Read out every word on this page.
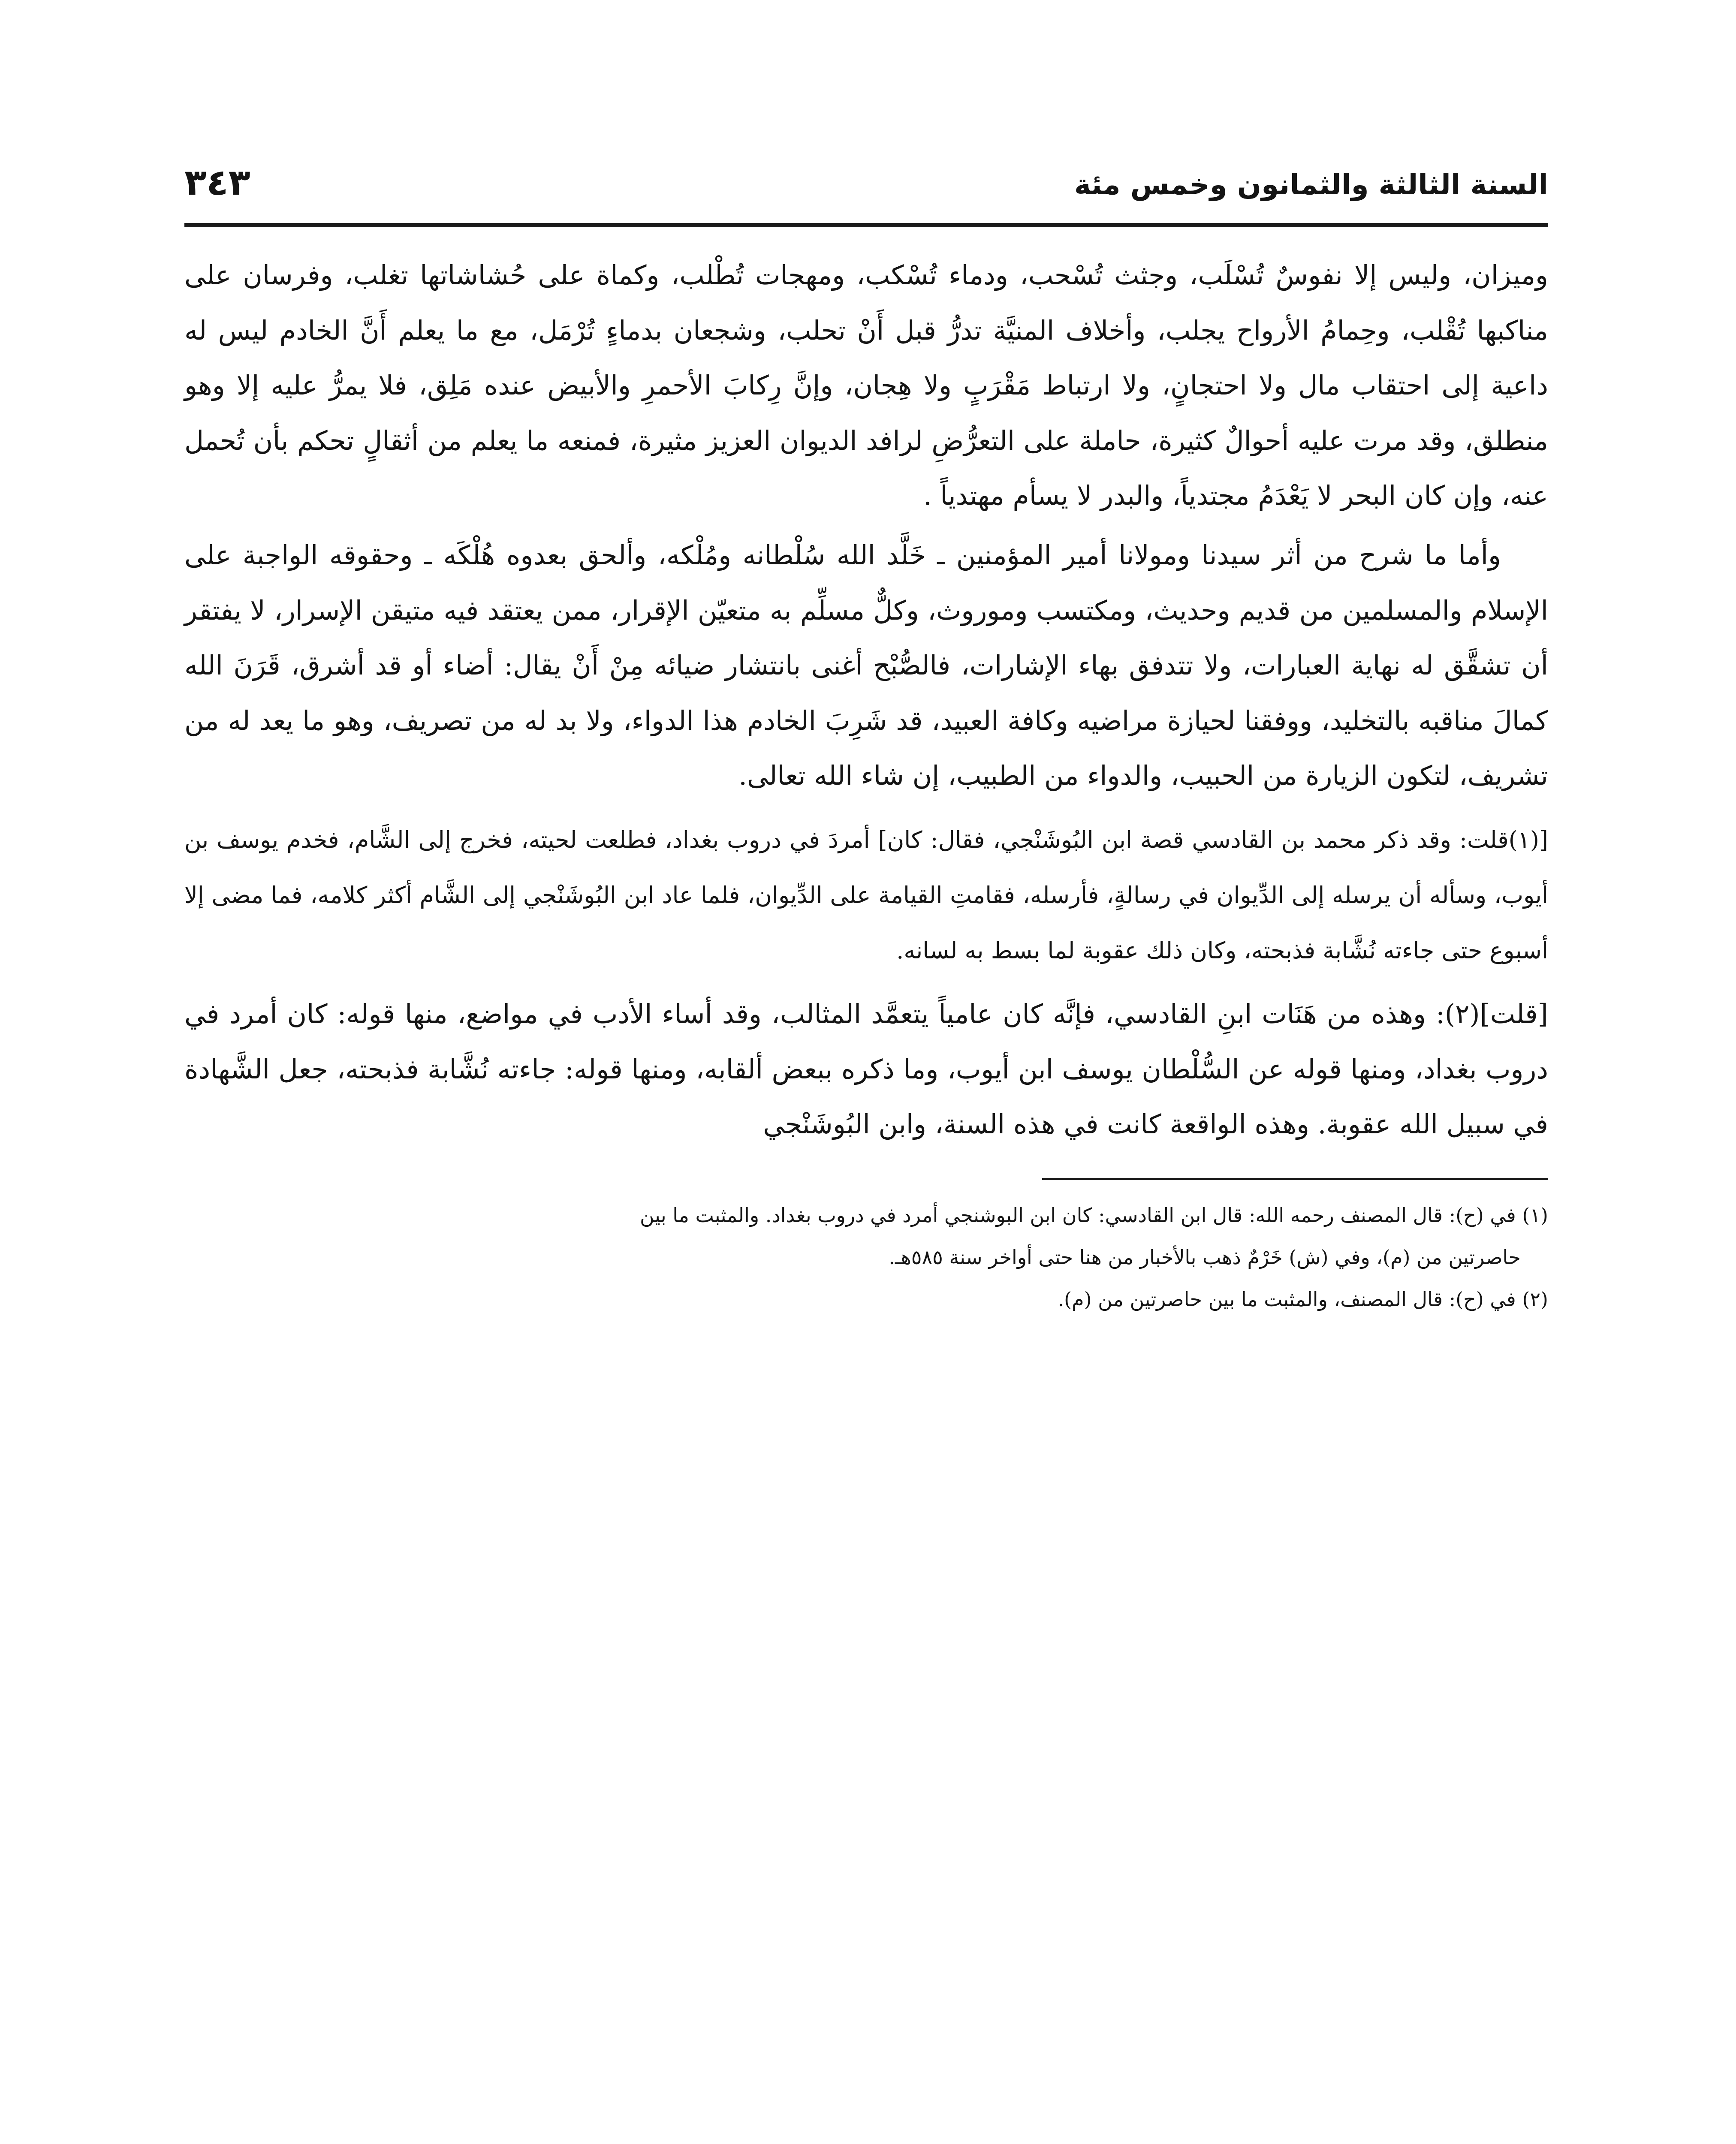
السنة الثالثة والثمانون وخمس مئة
٣٤٣

وميزان، وليس إلا نفوسٌ تُسْلَب، وجثث تُسْحب، ودماء تُسْكب، ومهجات تُطْلب، وكماة على حُشاشاتها تغلب، وفرسان على مناكبها تُقْلب، وحِمامُ الأرواح يجلب، وأخلاف المنيَّة تدرُّ قبل أَنْ تحلب، وشجعان بدماءٍ تُرْمَل، مع ما يعلم أَنَّ الخادم ليس له داعية إلى احتقاب مال ولا احتجانٍ، ولا ارتباط مَقْرَبٍ ولا هِجان، وإنَّ رِكابَ الأحمرِ والأبيض عنده مَلِق، فلا يمرُّ عليه إلا وهو منطلق، وقد مرت عليه أحوالٌ كثيرة، حاملة على التعرُّضِ لرافد الديوان العزيز مثيرة، فمنعه ما يعلم من أثقالٍ تحكم بأن تُحمل عنه، وإن كان البحر لا يَعْدَمُ مجتدياً، والبدر لا يسأم مهتدياً .

وأما ما شرح من أثر سيدنا ومولانا أمير المؤمنين ـ خَلَّد الله سُلْطانه ومُلْكه، وألحق بعدوه هُلْكَه ـ وحقوقه الواجبة على الإسلام والمسلمين من قديم وحديث، ومكتسب وموروث، وكلٌّ مسلِّم به متعيّن الإقرار، ممن يعتقد فيه متيقن الإسرار، لا يفتقر أن تشقَّق له نهاية العبارات، ولا تتدفق بهاء الإشارات، فالصُّبْح أغنى بانتشار ضيائه مِنْ أَنْ يقال: أضاء أو قد أشرق، قَرَنَ الله كمالَ مناقبه بالتخليد، ووفقنا لحيازة مراضيه وكافة العبيد، قد شَرِبَ الخادم هذا الدواء، ولا بد له من تصريف، وهو ما يعد له من تشريف، لتكون الزيارة من الحبيب، والدواء من الطبيب، إن شاء الله تعالى.

[(١)قلت: وقد ذكر محمد بن القادسي قصة ابن البُوشَنْجي، فقال: كان] أمردَ في دروب بغداد، فطلعت لحيته، فخرج إلى الشَّام، فخدم يوسف بن أيوب، وسأله أن يرسله إلى الدِّيوان في رسالةٍ، فأرسله، فقامتِ القيامة على الدِّيوان، فلما عاد ابن البُوشَنْجي إلى الشَّام أكثر كلامه، فما مضى إلا أسبوع حتى جاءته نُشَّابة فذبحته، وكان ذلك عقوبة لما بسط به لسانه.

[قلت](٢): وهذه من هَنَات ابنِ القادسي، فإنَّه كان عامياً يتعمَّد المثالب، وقد أساء الأدب في مواضع، منها قوله: كان أمرد في دروب بغداد، ومنها قوله عن السُّلْطان يوسف ابن أيوب، وما ذكره ببعض ألقابه، ومنها قوله: جاءته نُشَّابة فذبحته، جعل الشَّهادة في سبيل الله عقوبة. وهذه الواقعة كانت في هذه السنة، وابن البُوشَنْجي

(١) في (ح): قال المصنف رحمه الله: قال ابن القادسي: كان ابن البوشنجي أمرد في دروب بغداد. والمثبت ما بين

حاصرتين من (م)، وفي (ش) خَرْمٌ ذهب بالأخبار من هنا حتى أواخر سنة ٥٨٥هـ.

(٢) في (ح): قال المصنف، والمثبت ما بين حاصرتين من (م).
